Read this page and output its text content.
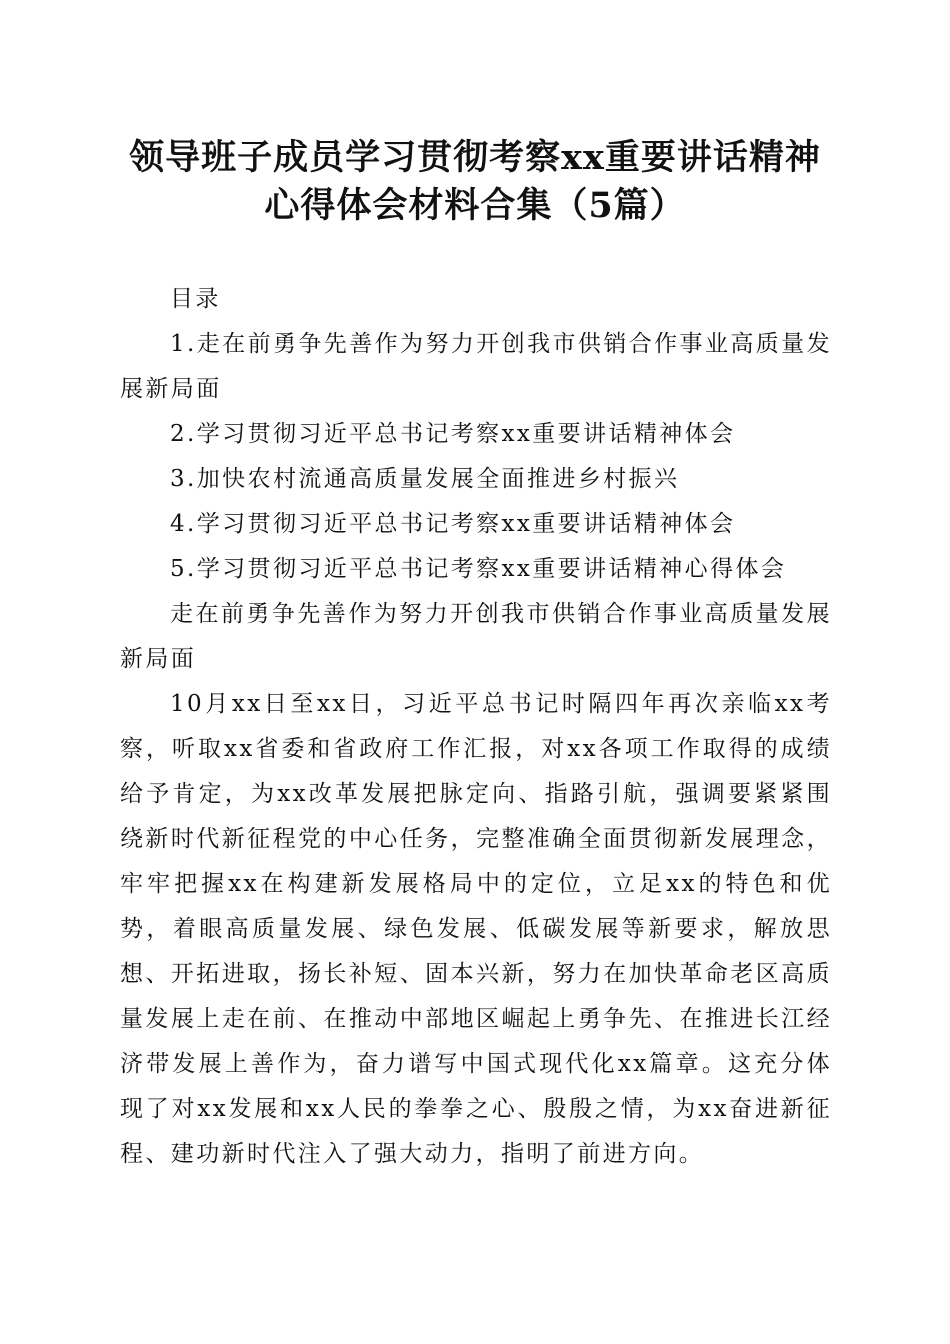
领导班子成员学习贯彻考察xx重要讲话精神
心得体会材料合集（5篇）
目录

1.走在前勇争先善作为努力开创我市供销合作事业高质量发展新局面

2.学习贯彻习近平总书记考察xx重要讲话精神体会

3.加快农村流通高质量发展全面推进乡村振兴

4.学习贯彻习近平总书记考察xx重要讲话精神体会

5.学习贯彻习近平总书记考察xx重要讲话精神心得体会

走在前勇争先善作为努力开创我市供销合作事业高质量发展新局面

10月xx日至xx日，习近平总书记时隔四年再次亲临xx考察，听取xx省委和省政府工作汇报，对xx各项工作取得的成绩给予肯定，为xx改革发展把脉定向、指路引航，强调要紧紧围绕新时代新征程党的中心任务，完整准确全面贯彻新发展理念，牢牢把握xx在构建新发展格局中的定位，立足xx的特色和优势，着眼高质量发展、绿色发展、低碳发展等新要求，解放思想、开拓进取，扬长补短、固本兴新，努力在加快革命老区高质量发展上走在前、在推动中部地区崛起上勇争先、在推进长江经济带发展上善作为，奋力谱写中国式现代化xx篇章。这充分体现了对xx发展和xx人民的拳拳之心、殷殷之情，为xx奋进新征程、建功新时代注入了强大动力，指明了前进方向。
